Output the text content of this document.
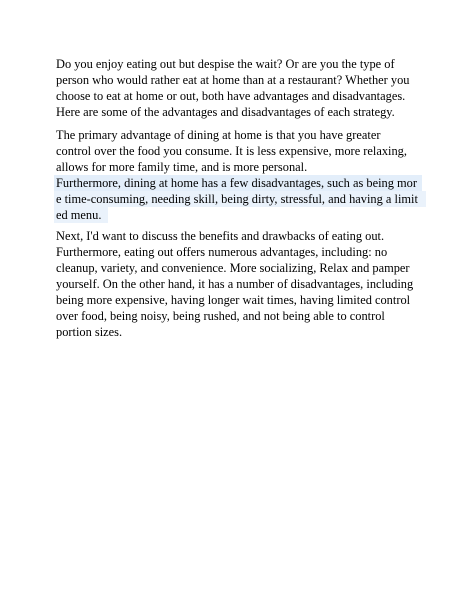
Do you enjoy eating out but despise the wait? Or are you the type of
person who would rather eat at home than at a restaurant? Whether you
choose to eat at home or out, both have advantages and disadvantages.
Here are some of the advantages and disadvantages of each strategy.
The primary advantage of dining at home is that you have greater
control over the food you consume. It is less expensive, more relaxing,
allows for more family time, and is more personal.
Furthermore, dining at home has a few disadvantages, such as being mor
e time-consuming, needing skill, being dirty, stressful, and having a limit
ed menu.
Next, I'd want to discuss the benefits and drawbacks of eating out.
Furthermore, eating out offers numerous advantages, including: no
cleanup, variety, and convenience. More socializing, Relax and pamper
yourself. On the other hand, it has a number of disadvantages, including
being more expensive, having longer wait times, having limited control
over food, being noisy, being rushed, and not being able to control
portion sizes.
